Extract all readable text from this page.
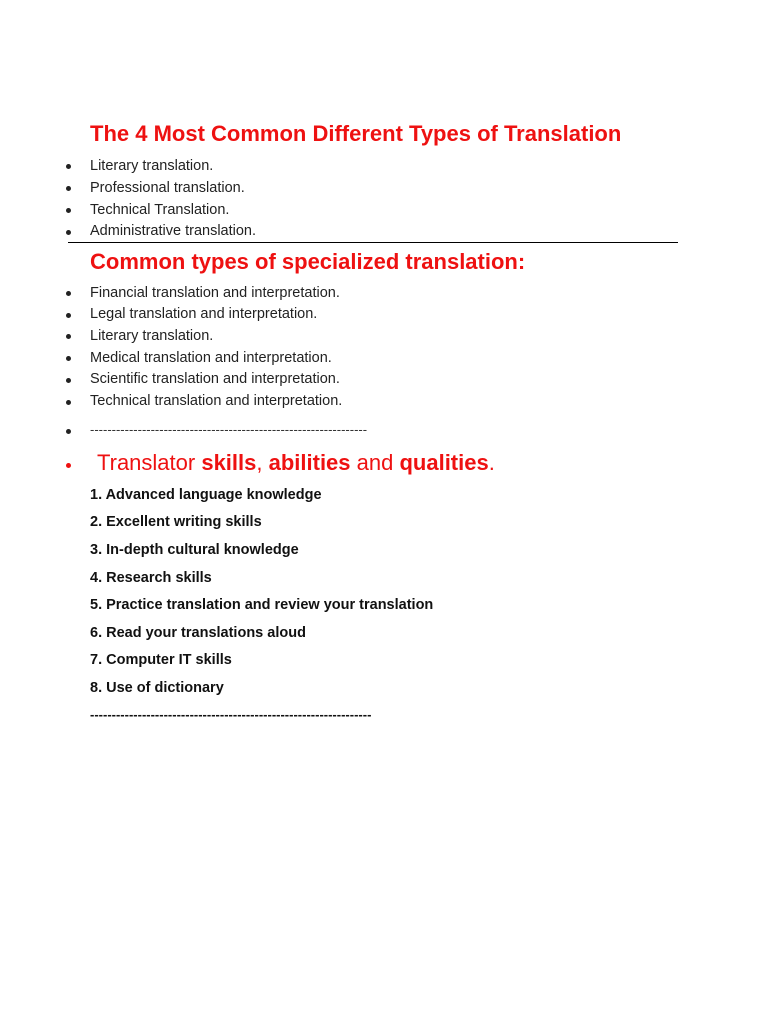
The 4 Most Common Different Types of Translation
Literary translation.
Professional translation.
Technical Translation.
Administrative translation.
Common types of specialized translation:
Financial translation and interpretation.
Legal translation and interpretation.
Literary translation.
Medical translation and interpretation.
Scientific translation and interpretation.
Technical translation and interpretation.
----------------------------------------------------------------
Translator skills, abilities and qualities.
1. Advanced language knowledge
2. Excellent writing skills
3. In-depth cultural knowledge
4. Research skills
5. Practice translation and review your translation
6. Read your translations aloud
7. Computer IT skills
8. Use of dictionary
-----------------------------------------------------------------
